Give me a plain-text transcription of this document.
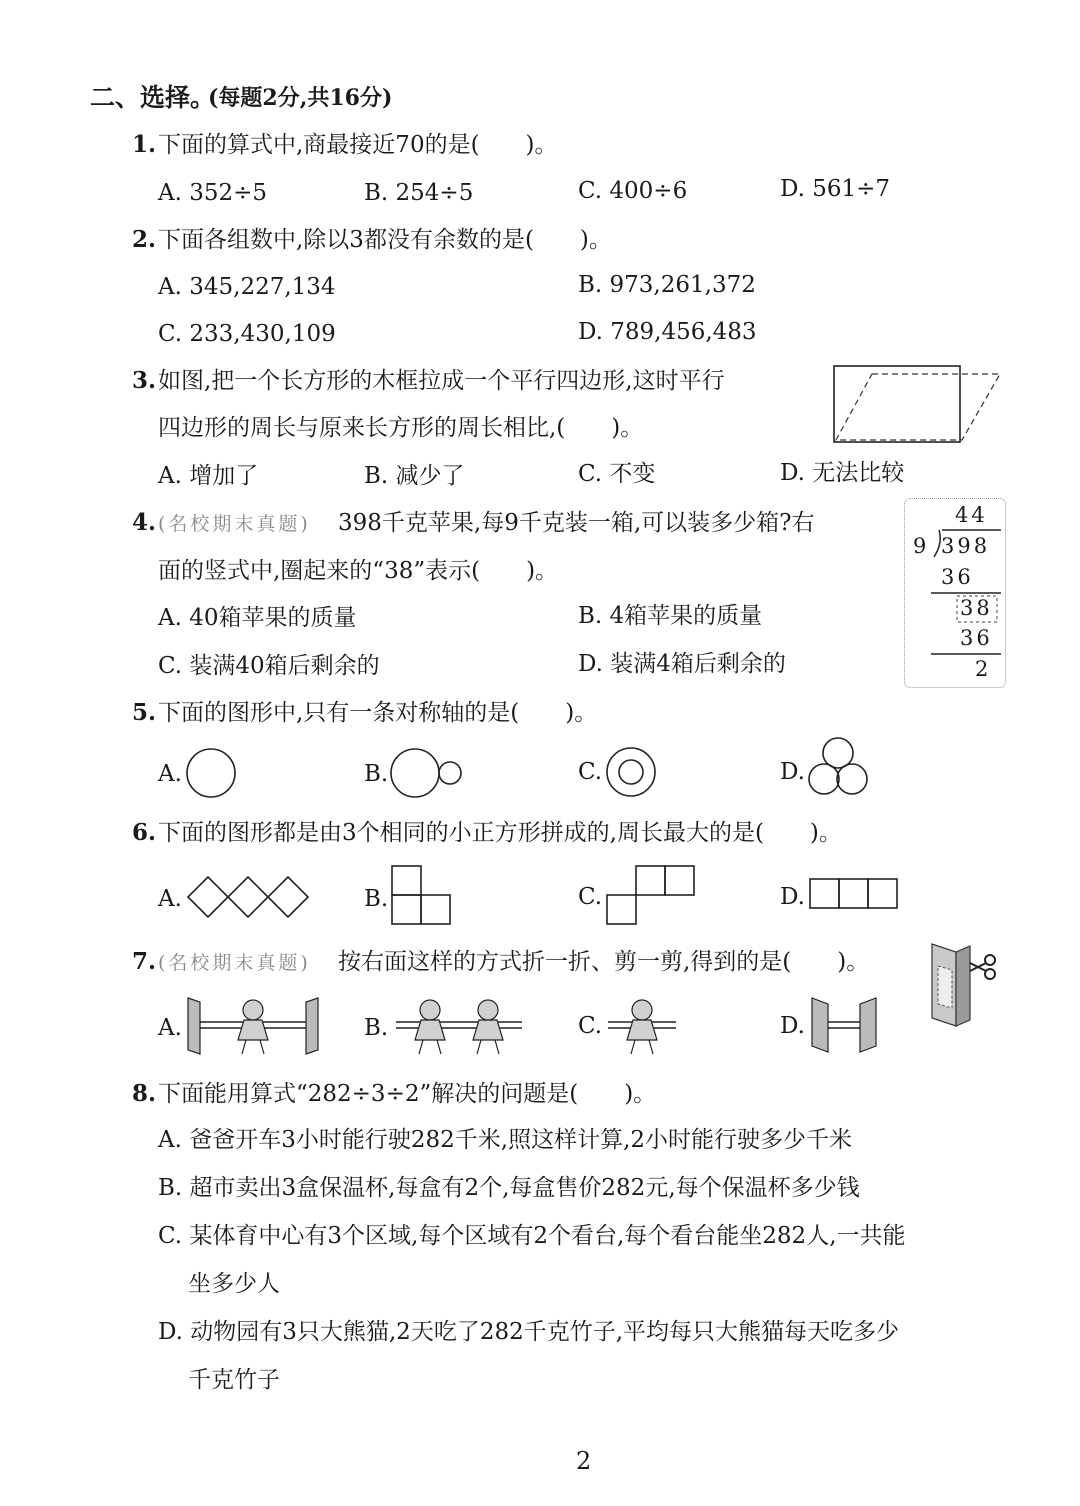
二、选择。
(每题2分,共16分)
1. 下面的算式中,商最接近70的是(　　)。
A. 352÷5	B. 254÷5	C. 400÷6	D. 561÷7
2. 下面各组数中,除以3都没有余数的是(　　)。
A. 345,227,134	B. 973,261,372
C. 233,430,109	D. 789,456,483
3. 如图,把一个长方形的木框拉成一个平行四边形,这时平行
四边形的周长与原来长方形的周长相比,(　　)。
A. 增加了	B. 减少了	C. 不变	D. 无法比较
4. (名校期末真题) 398千克苹果,每9千克装一箱,可以装多少箱?右
面的竖式中,圈起来的“38”表示(　　)。
A. 40箱苹果的质量	B. 4箱苹果的质量
C. 装满40箱后剩余的	D. 装满4箱后剩余的
44
9 398
36
38
36
2
5. 下面的图形中,只有一条对称轴的是(　　)。
A.	B.	C.	D.
6. 下面的图形都是由3个相同的小正方形拼成的,周长最大的是(　　)。
A.	B.	C.	D.
7. (名校期末真题) 按右面这样的方式折一折、剪一剪,得到的是(　　)。
A.	B.	C.	D.
8. 下面能用算式“282÷3÷2”解决的问题是(　　)。
A. 爸爸开车3小时能行驶282千米,照这样计算,2小时能行驶多少千米
B. 超市卖出3盒保温杯,每盒有2个,每盒售价282元,每个保温杯多少钱
C. 某体育中心有3个区域,每个区域有2个看台,每个看台能坐282人,一共能
坐多少人
D. 动物园有3只大熊猫,2天吃了282千克竹子,平均每只大熊猫每天吃多少
千克竹子
2
